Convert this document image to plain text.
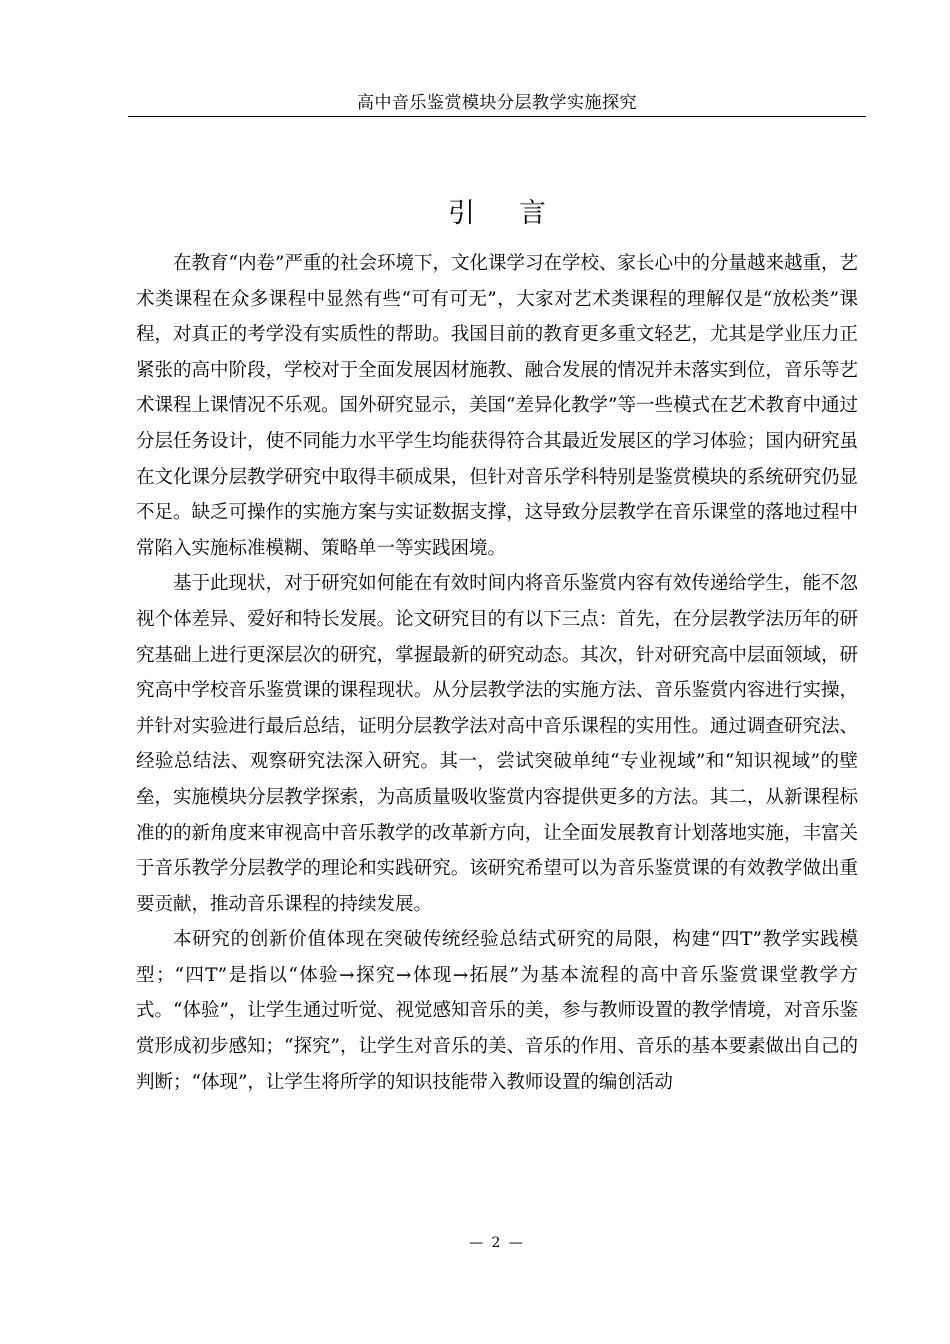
高中音乐鉴赏模块分层教学实施探究
引言

在教育“内卷”严重的社会环境下，文化课学习在学校、家长心中的分量越来越重，艺术类课程在众多课程中显然有些“可有可无”，大家对艺术类课程的理解仅是“放松类”课程，对真正的考学没有实质性的帮助。我国目前的教育更多重文轻艺，尤其是学业压力正紧张的高中阶段，学校对于全面发展因材施教、融合发展的情况并未落实到位，音乐等艺术课程上课情况不乐观。国外研究显示，美国“差异化教学”等一些模式在艺术教育中通过分层任务设计，使不同能力水平学生均能获得符合其最近发展区的学习体验；国内研究虽在文化课分层教学研究中取得丰硕成果，但针对音乐学科特别是鉴赏模块的系统研究仍显不足。缺乏可操作的实施方案与实证数据支撑，这导致分层教学在音乐课堂的落地过程中常陷入实施标准模糊、策略单一等实践困境。

基于此现状，对于研究如何能在有效时间内将音乐鉴赏内容有效传递给学生，能不忽视个体差异、爱好和特长发展。论文研究目的有以下三点：首先，在分层教学法历年的研究基础上进行更深层次的研究，掌握最新的研究动态。其次，针对研究高中层面领域，研究高中学校音乐鉴赏课的课程现状。从分层教学法的实施方法、音乐鉴赏内容进行实操，并针对实验进行最后总结，证明分层教学法对高中音乐课程的实用性。通过调查研究法、经验总结法、观察研究法深入研究。其一，尝试突破单纯“专业视域”和“知识视域”的壁垒，实施模块分层教学探索，为高质量吸收鉴赏内容提供更多的方法。其二，从新课程标准的的新角度来审视高中音乐教学的改革新方向，让全面发展教育计划落地实施，丰富关于音乐教学分层教学的理论和实践研究。该研究希望可以为音乐鉴赏课的有效教学做出重要贡献，推动音乐课程的持续发展。

本研究的创新价值体现在突破传统经验总结式研究的局限，构建“四T”教学实践模型；“四T”是指以“体验→探究→体现→拓展”为基本流程的高中音乐鉴赏课堂教学方式。“体验”，让学生通过听觉、视觉感知音乐的美，参与教师设置的教学情境，对音乐鉴赏形成初步感知；“探究”，让学生对音乐的美、音乐的作用、音乐的基本要素做出自己的判断；“体现”，让学生将所学的知识技能带入教师设置的编创活动

— 2 —
